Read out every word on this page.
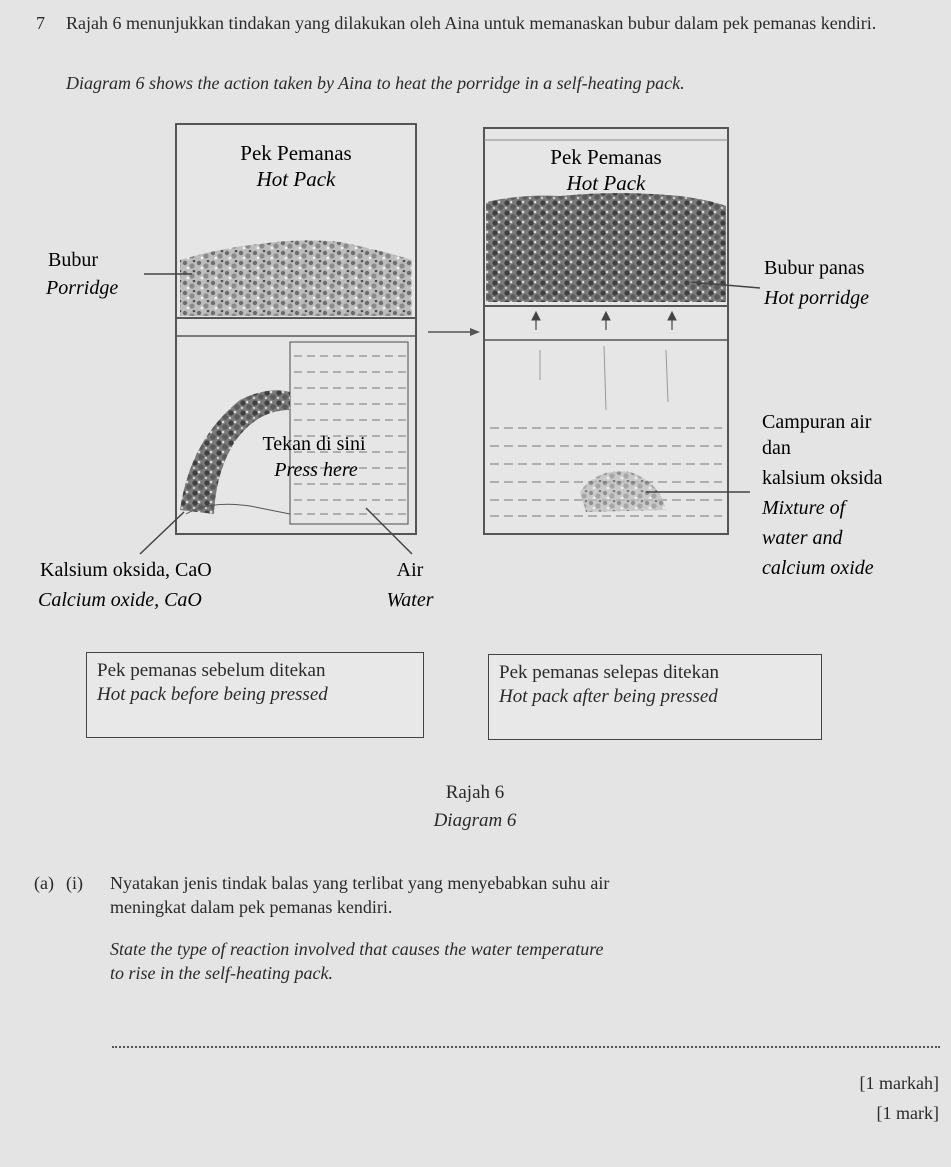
7 Rajah 6 menunjukkan tindakan yang dilakukan oleh Aina untuk memanaskan bubur dalam pek pemanas kendiri.
Diagram 6 shows the action taken by Aina to heat the porridge in a self-heating pack.
Pek Pemanas
Hot Pack
Bubur
Porridge
Tekan di sini
Press here
Kalsium oksida, CaO
Calcium oxide, CaO
Air
Water
Pek Pemanas
Hot Pack
Bubur panas
Hot porridge
Campuran air
dan
kalsium oksida
Mixture of
water and
calcium oxide
Pek pemanas sebelum ditekan
Hot pack before being pressed
Pek pemanas selepas ditekan
Hot pack after being pressed
Rajah 6
Diagram 6
(a) (i) Nyatakan jenis tindak balas yang terlibat yang menyebabkan suhu air
meningkat dalam pek pemanas kendiri.
State the type of reaction involved that causes the water temperature
to rise in the self-heating pack.
[1 markah]
[1 mark]
